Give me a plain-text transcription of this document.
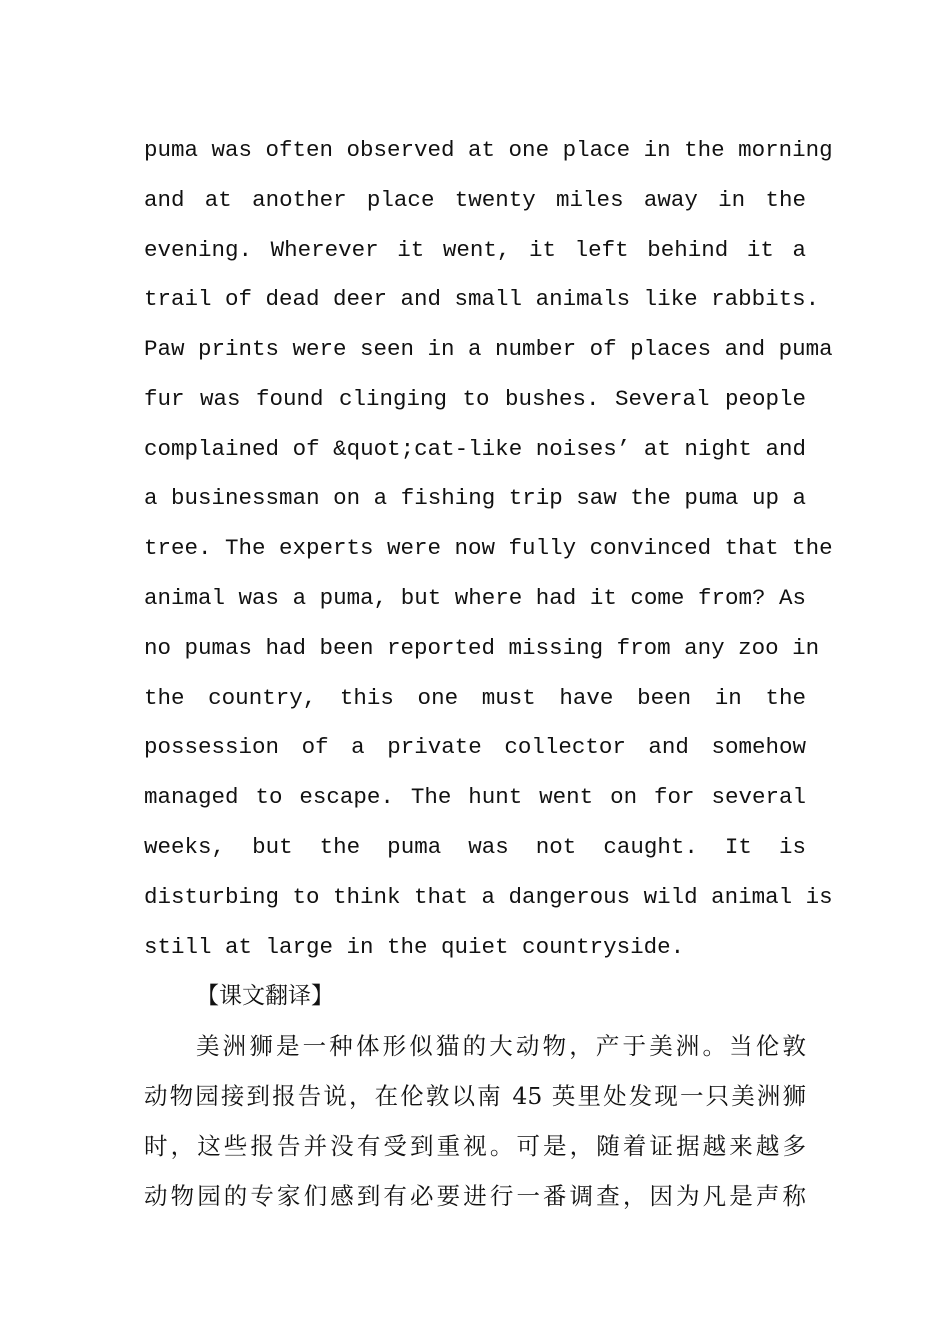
puma was often observed at one place in the morning
and at another place twenty miles away in the
evening. Wherever it went, it left behind it a
trail of dead deer and small animals like rabbits.
Paw prints were seen in a number of places and puma
fur was found clinging to bushes. Several people
complained of &quot;cat-like noises’ at night and
a businessman on a fishing trip saw the puma up a
tree. The experts were now fully convinced that the
animal was a puma, but where had it come from? As
no pumas had been reported missing from any zoo in
the country, this one must have been in the
possession of a private collector and somehow
managed to escape. The hunt went on for several
weeks, but the puma was not caught. It is
disturbing to think that a dangerous wild animal is
still at large in the quiet countryside.
【课文翻译】
美洲狮是一种体形似猫的大动物，产于美洲。当伦敦
动物园接到报告说，在伦敦以南 45 英里处发现一只美洲狮
时，这些报告并没有受到重视。可是，随着证据越来越多
动物园的专家们感到有必要进行一番调查，因为凡是声称
